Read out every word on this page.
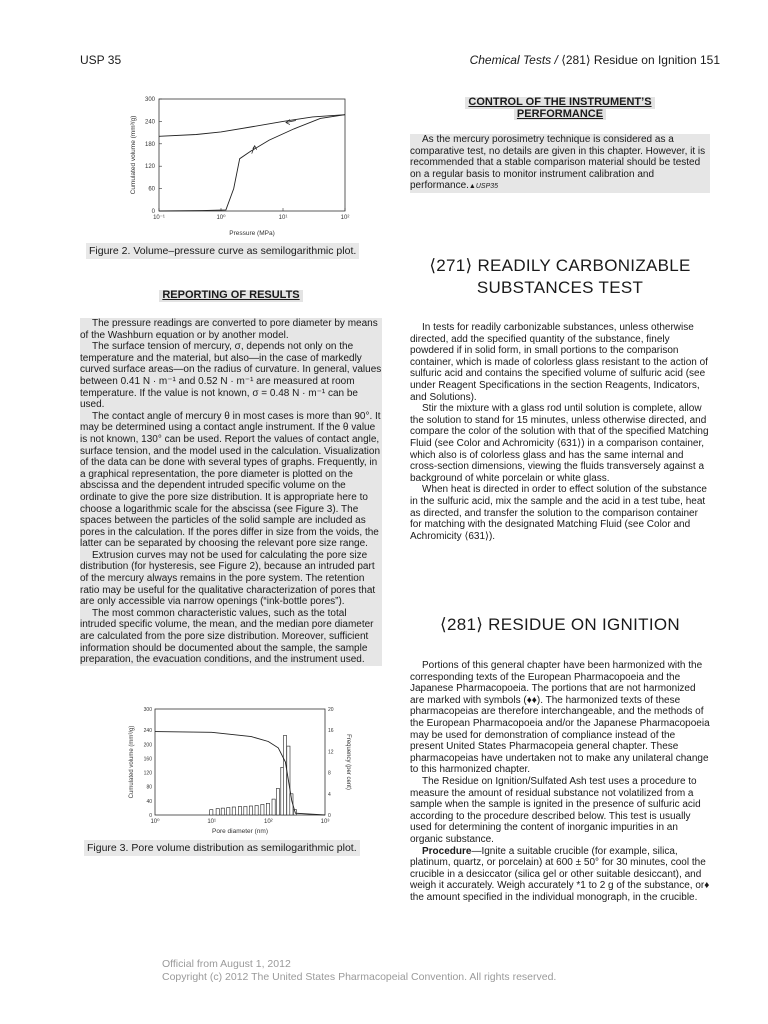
USP 35	Chemical Tests / ⟨281⟩ Residue on Ignition 151
Cumulated volume (mm³/g)
Pressure (MPa)
0
60
120
180
240
300
10⁻¹	10⁰	10¹	10²
Figure 2. Volume–pressure curve as semilogarithmic plot.
REPORTING OF RESULTS

The pressure readings are converted to pore diameter by means of the Washburn equation or by another model.

The surface tension of mercury, σ, depends not only on the temperature and the material, but also—in the case of markedly curved surface areas—on the radius of curvature. In general, values between 0.41 N · m⁻¹ and 0.52 N · m⁻¹ are measured at room temperature. If the value is not known, σ = 0.48 N · m⁻¹ can be used.

The contact angle of mercury θ in most cases is more than 90°. It may be determined using a contact angle instrument. If the θ value is not known, 130° can be used. Report the values of contact angle, surface tension, and the model used in the calculation. Visualization of the data can be done with several types of graphs. Frequently, in a graphical representation, the pore diameter is plotted on the abscissa and the dependent intruded specific volume on the ordinate to give the pore size distribution. It is appropriate here to choose a logarithmic scale for the abscissa (see Figure 3). The spaces between the particles of the solid sample are included as pores in the calculation. If the pores differ in size from the voids, the latter can be separated by choosing the relevant pore size range.

Extrusion curves may not be used for calculating the pore size distribution (for hysteresis, see Figure 2), because an intruded part of the mercury always remains in the pore system. The retention ratio may be useful for the qualitative characterization of pores that are only accessible via narrow openings (“ink-bottle pores”).

The most common characteristic values, such as the total intruded specific volume, the mean, and the median pore diameter are calculated from the pore size distribution. Moreover, sufficient information should be documented about the sample, the sample preparation, the evacuation conditions, and the instrument used.

Cumulated volume (mm³/g)	Frequency (per cent)
Pore diameter (nm)
0
40
80
120
160
200
240
300
0
4
8
12
16
20
10⁰	10¹	10²	10³
Figure 3. Pore volume distribution as semilogarithmic plot.
CONTROL OF THE INSTRUMENT’S
PERFORMANCE

As the mercury porosimetry technique is considered as a comparative test, no details are given in this chapter. However, it is recommended that a stable comparison material should be tested on a regular basis to monitor instrument calibration and performance.▲USP35

⟨271⟩ READILY CARBONIZABLE
SUBSTANCES TEST

In tests for readily carbonizable substances, unless otherwise directed, add the specified quantity of the substance, finely powdered if in solid form, in small portions to the comparison container, which is made of colorless glass resistant to the action of sulfuric acid and contains the specified volume of sulfuric acid (see under Reagent Specifications in the section Reagents, Indicators, and Solutions).

Stir the mixture with a glass rod until solution is complete, allow the solution to stand for 15 minutes, unless otherwise directed, and compare the color of the solution with that of the specified Matching Fluid (see Color and Achromicity ⟨631⟩) in a comparison container, which also is of colorless glass and has the same internal and cross-section dimensions, viewing the fluids transversely against a background of white porcelain or white glass.

When heat is directed in order to effect solution of the substance in the sulfuric acid, mix the sample and the acid in a test tube, heat as directed, and transfer the solution to the comparison container for matching with the designated Matching Fluid (see Color and Achromicity ⟨631⟩).

⟨281⟩ RESIDUE ON IGNITION

Portions of this general chapter have been harmonized with the corresponding texts of the European Pharmacopoeia and the Japanese Pharmacopoeia. The portions that are not harmonized are marked with symbols (♦♦). The harmonized texts of these pharmacopeias are therefore interchangeable, and the methods of the European Pharmacopoeia and/or the Japanese Pharmacopoeia may be used for demonstration of compliance instead of the present United States Pharmacopeia general chapter. These pharmacopeias have undertaken not to make any unilateral change to this harmonized chapter.

The Residue on Ignition/Sulfated Ash test uses a procedure to measure the amount of residual substance not volatilized from a sample when the sample is ignited in the presence of sulfuric acid according to the procedure described below. This test is usually used for determining the content of inorganic impurities in an organic substance.

Procedure—Ignite a suitable crucible (for example, silica, platinum, quartz, or porcelain) at 600 ± 50° for 30 minutes, cool the crucible in a desiccator (silica gel or other suitable desiccant), and weigh it accurately. Weigh accurately *1 to 2 g of the substance, or♦ the amount specified in the individual monograph, in the crucible.

Official from August 1, 2012
Copyright (c) 2012 The United States Pharmacopeial Convention. All rights reserved.
